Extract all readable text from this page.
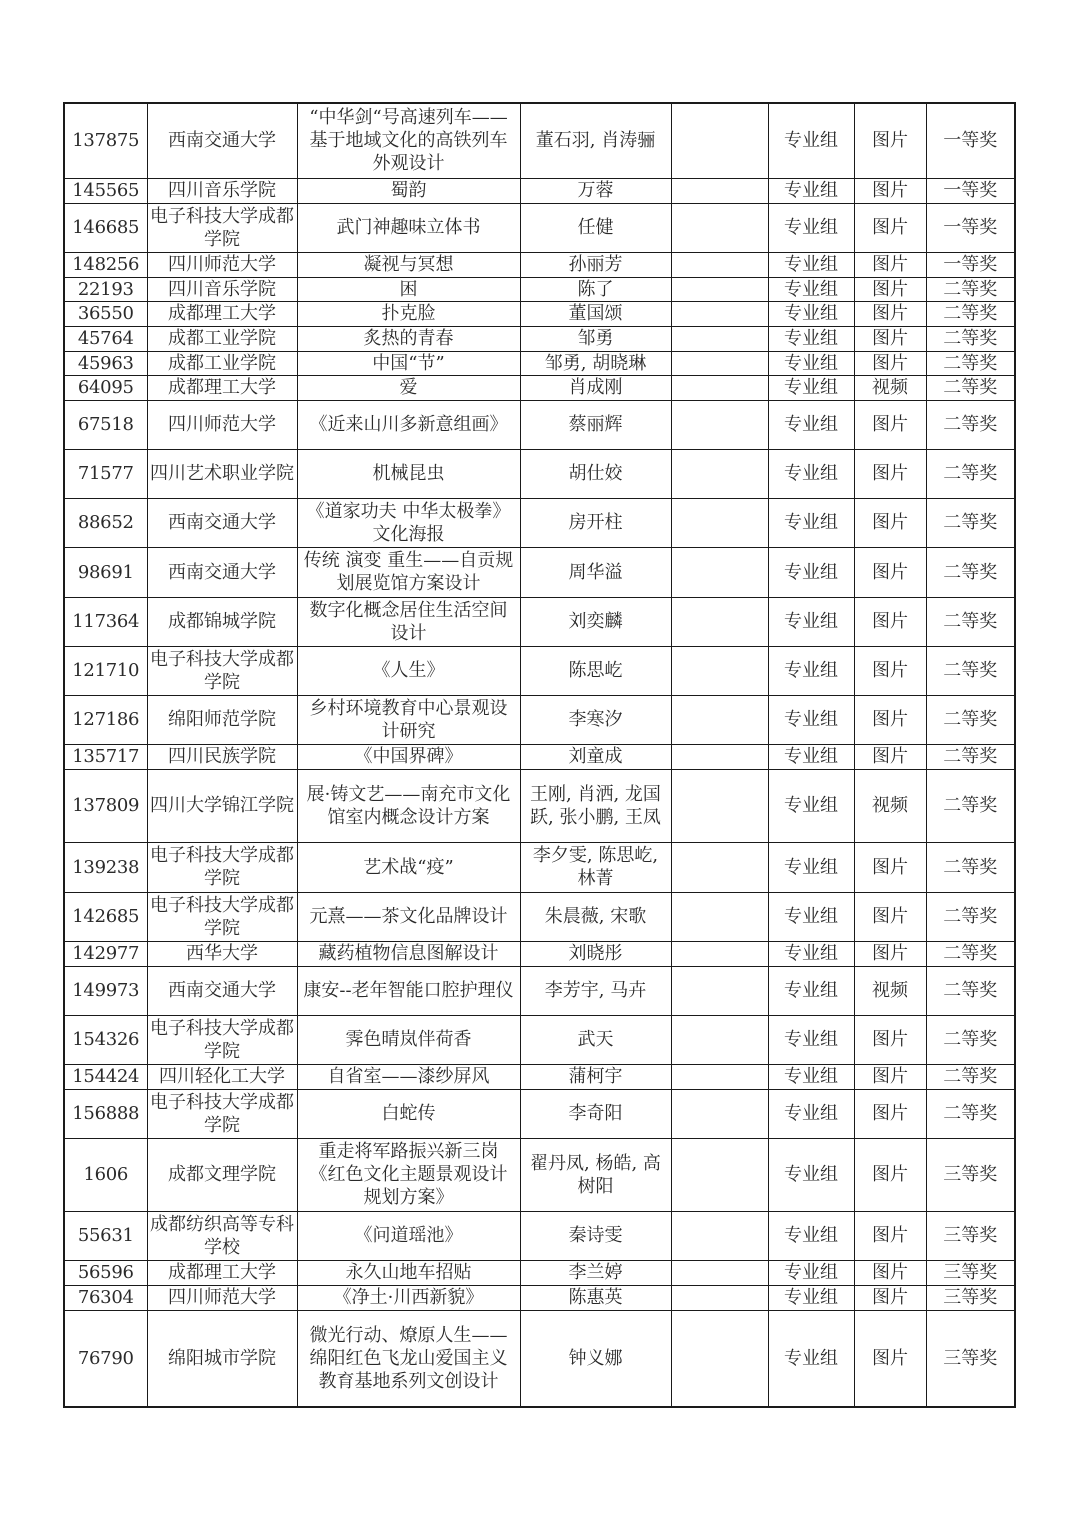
137875	西南交通大学	“中华剑“号高速列车——基于地域文化的高铁列车外观设计	董石羽, 肖涛骊		专业组	图片	一等奖
145565	四川音乐学院	蜀韵	万蓉		专业组	图片	一等奖
146685	电子科技大学成都学院	武门神趣味立体书	任健		专业组	图片	一等奖
148256	四川师范大学	凝视与冥想	孙丽芳		专业组	图片	一等奖
22193	四川音乐学院	困	陈了		专业组	图片	二等奖
36550	成都理工大学	扑克脸	董国颂		专业组	图片	二等奖
45764	成都工业学院	炙热的青春	邹勇		专业组	图片	二等奖
45963	成都工业学院	中国“节”	邹勇, 胡晓琳		专业组	图片	二等奖
64095	成都理工大学	爱	肖成刚		专业组	视频	二等奖
67518	四川师范大学	《近来山川多新意组画》	蔡丽辉		专业组	图片	二等奖
71577	四川艺术职业学院	机械昆虫	胡仕姣		专业组	图片	二等奖
88652	西南交通大学	《道家功夫 中华太极拳》文化海报	房开柱		专业组	图片	二等奖
98691	西南交通大学	传统 演变 重生——自贡规划展览馆方案设计	周华溢		专业组	图片	二等奖
117364	成都锦城学院	数字化概念居住生活空间设计	刘奕麟		专业组	图片	二等奖
121710	电子科技大学成都学院	《人生》	陈思屹		专业组	图片	二等奖
127186	绵阳师范学院	乡村环境教育中心景观设计研究	李寒汐		专业组	图片	二等奖
135717	四川民族学院	《中国界碑》	刘童成		专业组	图片	二等奖
137809	四川大学锦江学院	展·铸文艺——南充市文化馆室内概念设计方案	王刚, 肖洒, 龙国跃, 张小鹏, 王凤		专业组	视频	二等奖
139238	电子科技大学成都学院	艺术战“疫”	李夕雯, 陈思屹, 林菁		专业组	图片	二等奖
142685	电子科技大学成都学院	元熹——茶文化品牌设计	朱晨薇, 宋歌		专业组	图片	二等奖
142977	西华大学	藏药植物信息图解设计	刘晓彤		专业组	图片	二等奖
149973	西南交通大学	康安--老年智能口腔护理仪	李芳宇, 马卉		专业组	视频	二等奖
154326	电子科技大学成都学院	霁色晴岚伴荷香	武天		专业组	图片	二等奖
154424	四川轻化工大学	自省室——漆纱屏风	蒲柯宇		专业组	图片	二等奖
156888	电子科技大学成都学院	白蛇传	李奇阳		专业组	图片	二等奖
1606	成都文理学院	重走将军路振兴新三岗《红色文化主题景观设计规划方案》	翟丹凤, 杨皓, 高树阳		专业组	图片	三等奖
55631	成都纺织高等专科学校	《问道瑶池》	秦诗雯		专业组	图片	三等奖
56596	成都理工大学	永久山地车招贴	李兰婷		专业组	图片	三等奖
76304	四川师范大学	《净土·川西新貌》	陈惠英		专业组	图片	三等奖
76790	绵阳城市学院	微光行动、燎原人生——绵阳红色飞龙山爱国主义教育基地系列文创设计	钟义娜		专业组	图片	三等奖
